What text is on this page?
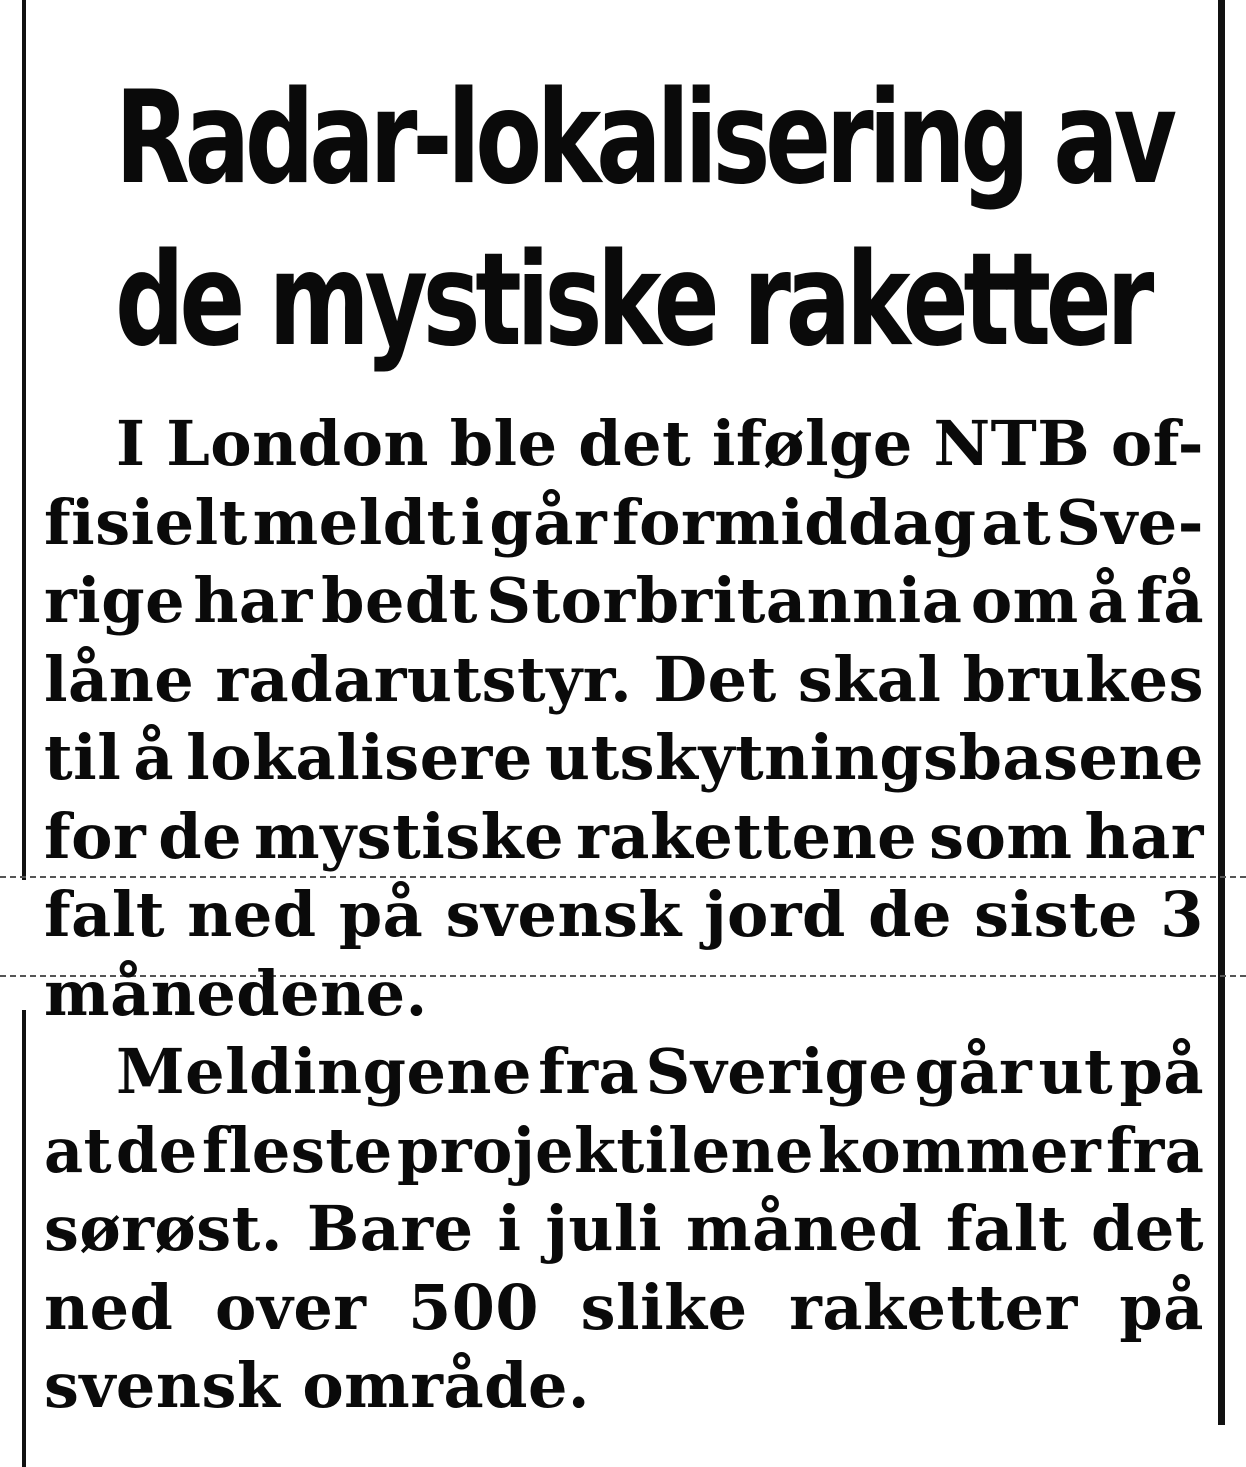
Radar-lokalisering av
de mystiske raketter
I London ble det ifølge NTB of-
fisielt meldt i går formiddag at Sve-
rige har bedt Storbritannia om å få
låne radarutstyr. Det skal brukes
til å lokalisere utskytningsbasene
for de mystiske rakettene som har
falt ned på svensk jord de siste 3
månedene.
Meldingene fra Sverige går ut på
at de fleste projektilene kommer fra
sørøst. Bare i juli måned falt det
ned over 500 slike raketter på
svensk område.
